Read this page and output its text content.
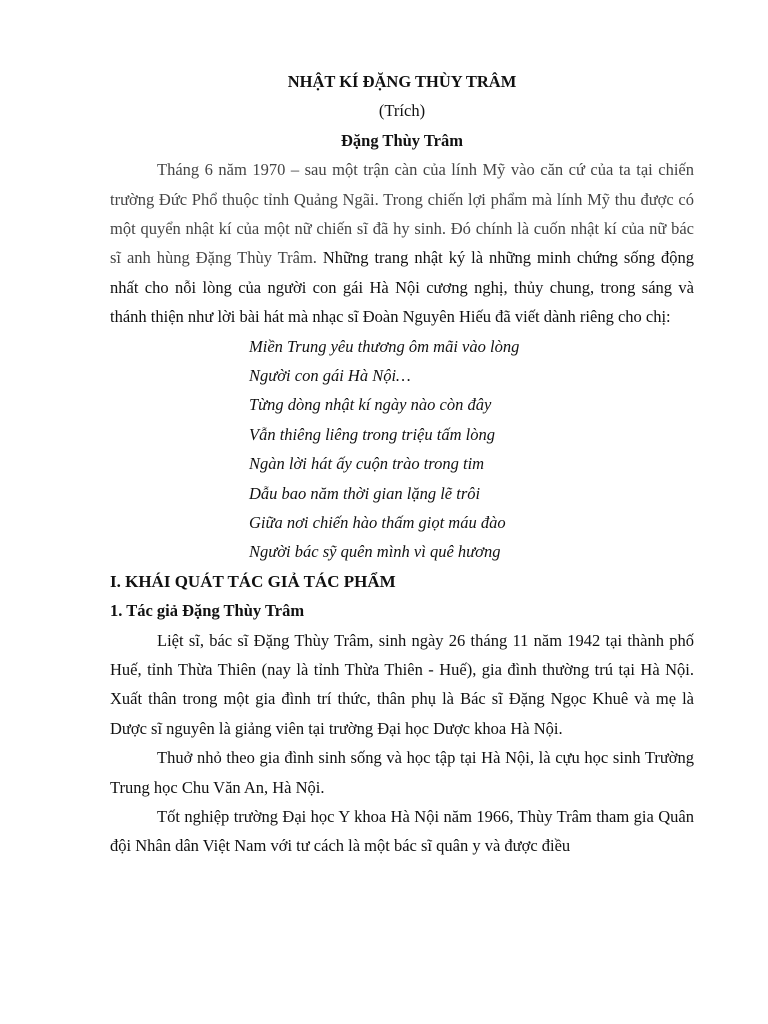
NHẬT KÍ ĐẶNG THÙY TRÂM
(Trích)
Đặng Thùy Trâm

Tháng 6 năm 1970 – sau một trận càn của lính Mỹ vào căn cứ của ta tại chiến trường Đức Phổ thuộc tỉnh Quảng Ngãi. Trong chiến lợi phẩm mà lính Mỹ thu được có một quyển nhật kí của một nữ chiến sĩ đã hy sinh. Đó chính là cuốn nhật kí của nữ bác sĩ anh hùng Đặng Thùy Trâm. Những trang nhật ký là những minh chứng sống động nhất cho nỗi lòng của người con gái Hà Nội cương nghị, thủy chung, trong sáng và thánh thiện như lời bài hát mà nhạc sĩ Đoàn Nguyên Hiếu đã viết dành riêng cho chị:

Miền Trung yêu thương ôm mãi vào lòng
Người con gái Hà Nội…
Từng dòng nhật kí ngày nào còn đây
Vẫn thiêng liêng trong triệu tấm lòng
Ngàn lời hát ấy cuộn trào trong tim
Dẫu bao năm thời gian lặng lẽ trôi
Giữa nơi chiến hào thấm giọt máu đào
Người bác sỹ quên mình vì quê hương
I. KHÁI QUÁT TÁC GIẢ TÁC PHẨM
1. Tác giả Đặng Thùy Trâm

Liệt sĩ, bác sĩ Đặng Thùy Trâm, sinh ngày 26 tháng 11 năm 1942 tại thành phố Huế, tỉnh Thừa Thiên (nay là tỉnh Thừa Thiên - Huế), gia đình thường trú tại Hà Nội. Xuất thân trong một gia đình trí thức, thân phụ là Bác sĩ Đặng Ngọc Khuê và mẹ là Dược sĩ nguyên là giảng viên tại trường Đại học Dược khoa Hà Nội.

Thuở nhỏ theo gia đình sinh sống và học tập tại Hà Nội, là cựu học sinh Trường Trung học Chu Văn An, Hà Nội.

Tốt nghiệp trường Đại học Y khoa Hà Nội năm 1966, Thùy Trâm tham gia Quân đội Nhân dân Việt Nam với tư cách là một bác sĩ quân y và được điều
